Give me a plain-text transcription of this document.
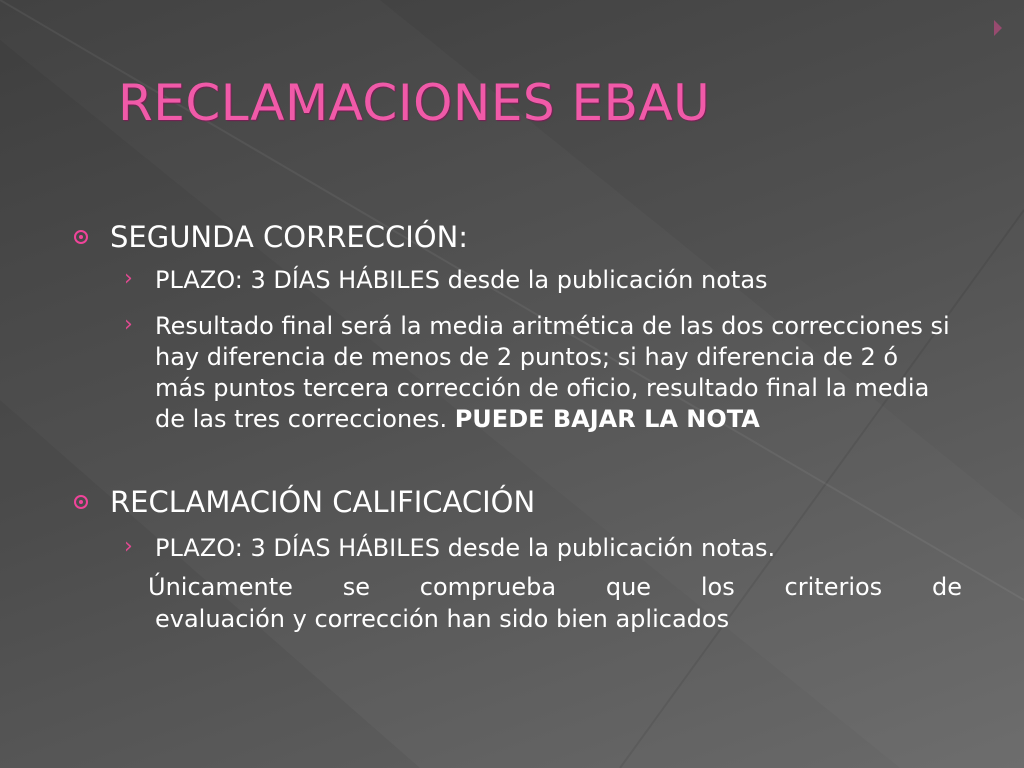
RECLAMACIONES EBAU
SEGUNDA CORRECCIÓN:
› PLAZO: 3 DÍAS HÁBILES desde la publicación notas
› Resultado final será la media aritmética de las dos correcciones si hay diferencia de menos de 2 puntos; si hay diferencia de 2 ó más puntos tercera corrección de oficio, resultado final la media de las tres correcciones. PUEDE BAJAR LA NOTA
RECLAMACIÓN CALIFICACIÓN
› PLAZO: 3 DÍAS HÁBILES desde la publicación notas.
Únicamente se comprueba que los criterios de
evaluación y corrección han sido bien aplicados
